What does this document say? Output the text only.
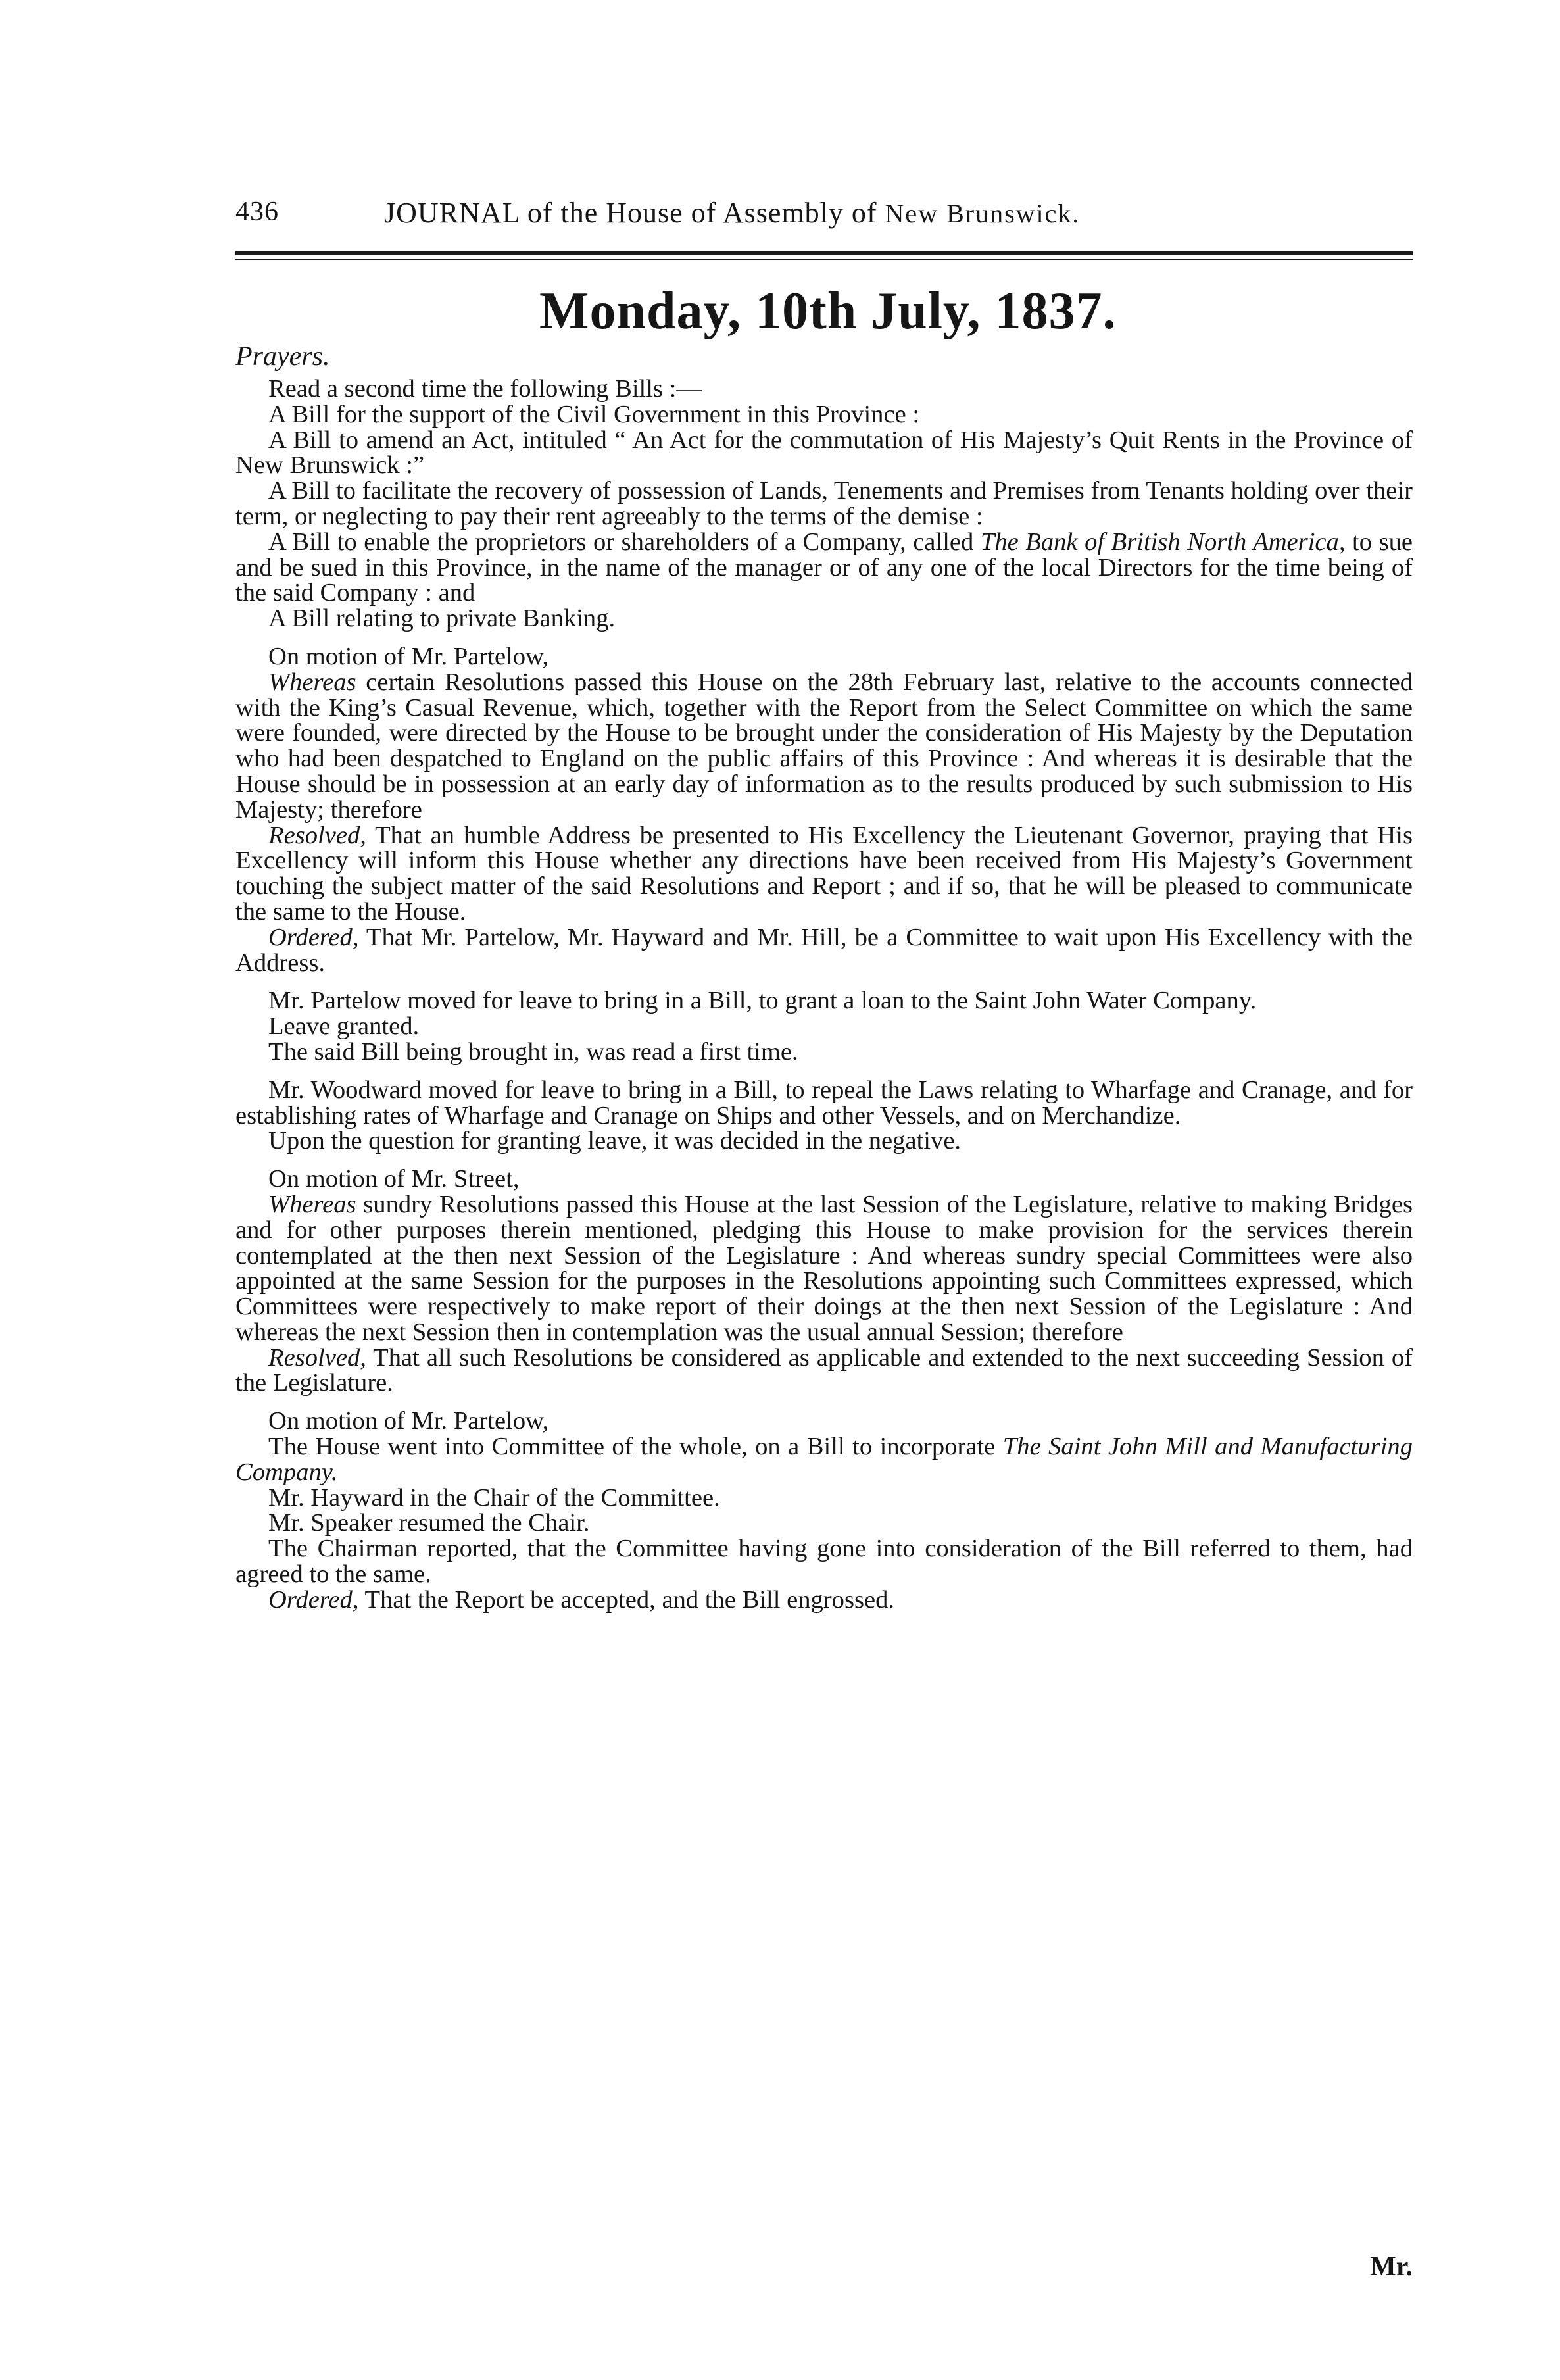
436	JOURNAL of the House of Assembly of New Brunswick.
Monday, 10th July, 1837.
Prayers.

Read a second time the following Bills :—

A Bill for the support of the Civil Government in this Province :

A Bill to amend an Act, intituled “ An Act for the commutation of His Majesty’s Quit Rents in the Province of New Brunswick :”

A Bill to facilitate the recovery of possession of Lands, Tenements and Premises from Tenants holding over their term, or neglecting to pay their rent agreeably to the terms of the demise :

A Bill to enable the proprietors or shareholders of a Company, called The Bank of British North America, to sue and be sued in this Province, in the name of the manager or of any one of the local Directors for the time being of the said Company : and

A Bill relating to private Banking.

On motion of Mr. Partelow,

Whereas certain Resolutions passed this House on the 28th February last, relative to the accounts connected with the King’s Casual Revenue, which, together with the Report from the Select Committee on which the same were founded, were directed by the House to be brought under the consideration of His Majesty by the Deputation who had been despatched to England on the public affairs of this Province : And whereas it is desirable that the House should be in possession at an early day of information as to the results produced by such submission to His Majesty; therefore

Resolved, That an humble Address be presented to His Excellency the Lieutenant Governor, praying that His Excellency will inform this House whether any directions have been received from His Majesty’s Government touching the subject matter of the said Resolutions and Report ; and if so, that he will be pleased to communicate the same to the House.

Ordered, That Mr. Partelow, Mr. Hayward and Mr. Hill, be a Committee to wait upon His Excellency with the Address.

Mr. Partelow moved for leave to bring in a Bill, to grant a loan to the Saint John Water Company.

Leave granted.

The said Bill being brought in, was read a first time.

Mr. Woodward moved for leave to bring in a Bill, to repeal the Laws relating to Wharfage and Cranage, and for establishing rates of Wharfage and Cranage on Ships and other Vessels, and on Merchandize.

Upon the question for granting leave, it was decided in the negative.

On motion of Mr. Street,

Whereas sundry Resolutions passed this House at the last Session of the Legislature, relative to making Bridges and for other purposes therein mentioned, pledging this House to make provision for the services therein contemplated at the then next Session of the Legislature : And whereas sundry special Committees were also appointed at the same Session for the purposes in the Resolutions appointing such Committees expressed, which Committees were respectively to make report of their doings at the then next Session of the Legislature : And whereas the next Session then in contemplation was the usual annual Session; therefore

Resolved, That all such Resolutions be considered as applicable and extended to the next succeeding Session of the Legislature.

On motion of Mr. Partelow,

The House went into Committee of the whole, on a Bill to incorporate The Saint John Mill and Manufacturing Company.

Mr. Hayward in the Chair of the Committee.

Mr. Speaker resumed the Chair.

The Chairman reported, that the Committee having gone into consideration of the Bill referred to them, had agreed to the same.

Ordered, That the Report be accepted, and the Bill engrossed.

Mr.
